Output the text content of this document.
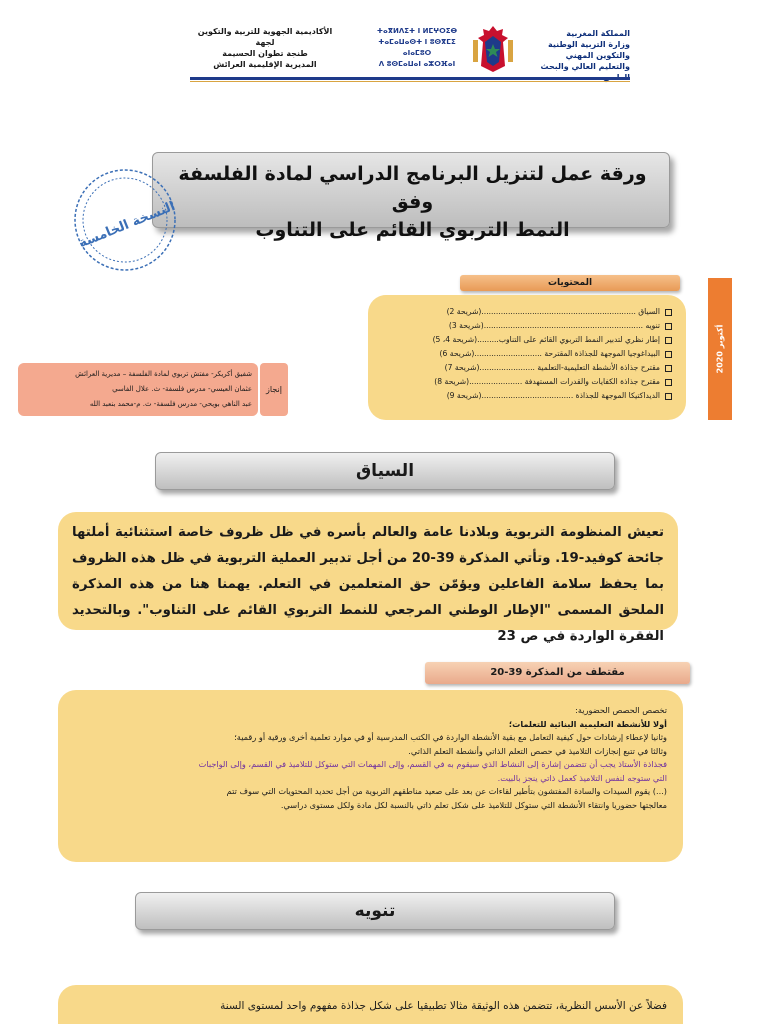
الأكاديمية الجهوية للتربية والتكوين لجهة
طنجة تطوان الحسيمة
المديرية الإقليمية العرائش
ⵜⴰⴳⵍⴷⵉⵜ ⵏ ⵍⵎⵖⵔⵉⴱ
ⵜⴰⵎⴰⵡⴰⵙⵜ ⵏ ⵓⵙⴳⵎⵉ ⴰⵏⴰⵎⵓⵔ
ⴷ ⵓⵙⵎⴰⵡⴰⵏ ⴰⵣⵔⴼⴰⵏ
المملكة المغربية
وزارة التربية الوطنية والتكوين المهني
والتعليم العالي والبحث
ورقة عمل لتنزيل البرنامج الدراسي لمادة الفلسفة وفق
النمط التربوي القائم على التناوب
النسخة الخامسة
المحتويات
السياق ................................................................(شريحة 2)
تنويه ..................................................................(شريحة 3)
إطار نظري لتدبير النمط التربوي القائم على التناوب.........(شريحة 4، 5)
البيداغوجيا الموجهة للجذاذة المقترحة ............................(شريحة 6)
مقترح جذاذة الأنشطة التعليمية-التعلمية .......................(شريحة 7)
مقترح جذاذة الكفايات والقدرات المستهدفة ......................(شريحة 8)
الديداكتيكا الموجهة للجذاذة ......................................(شريحة 9)
أكتوبر 2020
شفيق أكريكر- مفتش تربوي لمادة الفلسفة – مديرية العرائش
عثمان العيسي- مدرس فلسفة- ث. علال الفاسي
عبد الناهي بويحي- مدرس فلسفة- ث. م-محمد بنعبد الله
إنجاز
السياق

تعيش المنظومة التربوية وبلادنا عامة والعالم بأسره في ظل ظروف خاصة استثنائية أملتها جائحة كوفيد-19. وتأتي المذكرة 39-20 من أجل تدبير العملية التربوية في ظل هذه الظروف بما يحفظ سلامة الفاعلين ويؤمّن حق المتعلمين في التعلم. يهمنا هنا من هذه المذكرة الملحق المسمى "الإطار الوطني المرجعي للنمط التربوي القائم على التناوب". وبالتحديد الفقرة الواردة في ص 23

مقتطف من المذكرة 39-20
تخصص الحصص الحضورية:
أولا للأنشطة التعليمية البنائية للتعلمات؛
وثانيا لإعطاء إرشادات حول كيفية التعامل مع بقية الأنشطة الواردة في الكتب المدرسية أو في موارد تعلمية أخرى ورقية أو رقمية؛
وثالثا في تتبع إنجازات التلاميذ في حصص التعلم الذاتي وأنشطة التعلم الذاتي.
فجذاذة الأستاذ يجب أن تتضمن إشارة إلى النشاط الذي سيقوم به في القسم، وإلى المهمات التي ستوكل للتلاميذ في القسم، وإلى الواجبات
التي ستوجه لنفس التلاميذ كعمل ذاتي ينجز بالبيت.
(...) يقوم السيدات والسادة المفتشون بتأطير لقاءات عن بعد على صعيد مناطقهم التربوية من أجل تحديد المحتويات التي سوف تتم
معالجتها حضوريا وانتقاء الأنشطة التي ستوكل للتلاميذ على شكل تعلم ذاتي بالنسبة لكل مادة ولكل مستوى دراسي.
تنويه

فضلاً عن الأسس النظرية، تتضمن هذه الوثيقة مثالا تطبيقيا على شكل جذاذة مفهوم واحد لمستوى السنة
